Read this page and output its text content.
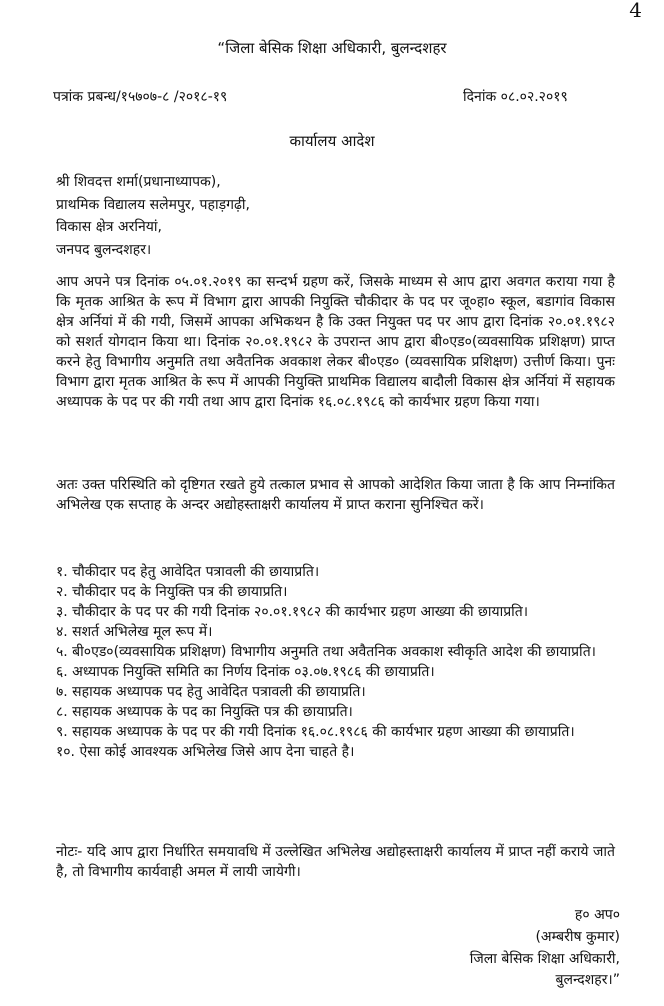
4
“जिला बेसिक शिक्षा अधिकारी, बुलन्दशहर
पत्रांक प्रबन्ध/१५७०७-८ /२०१८-१९	दिनांक ०८.०२.२०१९
कार्यालय आदेश
श्री शिवदत्त शर्मा(प्रधानाध्यापक),
प्राथमिक विद्यालय सलेमपुर, पहाड़गढ़ी,
विकास क्षेत्र अरनियां,
जनपद बुलन्दशहर।
आप अपने पत्र दिनांक ०५.०१.२०१९ का सन्दर्भ ग्रहण करें, जिसके माध्यम से आप द्वारा अवगत कराया गया है कि मृतक आश्रित के रूप में विभाग द्वारा आपकी नियुक्ति चौकीदार के पद पर जू०हा० स्कूल, बडागांव विकास क्षेत्र अर्नियां में की गयी, जिसमें आपका अभिकथन है कि उक्त नियुक्त पद पर आप द्वारा दिनांक २०.०१.१९८२ को सशर्त योगदान किया था। दिनांक २०.०१.१९८२ के उपरान्त आप द्वारा बी०एड०(व्यवसायिक प्रशिक्षण) प्राप्त करने हेतु विभागीय अनुमति तथा अवैतनिक अवकाश लेकर बी०एड० (व्यवसायिक प्रशिक्षण) उत्तीर्ण किया। पुनः विभाग द्वारा मृतक आश्रित के रूप में आपकी नियुक्ति प्राथमिक विद्यालय बादौली विकास क्षेत्र अर्नियां में सहायक अध्यापक के पद पर की गयी तथा आप द्वारा दिनांक १६.०८.१९८६ को कार्यभार ग्रहण किया गया।
अतः उक्त परिस्थिति को दृष्टिगत रखते हुये तत्काल प्रभाव से आपको आदेशित किया जाता है कि आप निम्नांकित अभिलेख एक सप्ताह के अन्दर अद्योहस्ताक्षरी कार्यालय में प्राप्त कराना सुनिश्चित करें।
१. चौकीदार पद हेतु आवेदित पत्रावली की छायाप्रति।
२. चौकीदार पद के नियुक्ति पत्र की छायाप्रति।
३. चौकीदार के पद पर की गयी दिनांक २०.०१.१९८२ की कार्यभार ग्रहण आख्या की छायाप्रति।
४. सशर्त अभिलेख मूल रूप में।
५. बी०एड०(व्यवसायिक प्रशिक्षण) विभागीय अनुमति तथा अवैतनिक अवकाश स्वीकृति आदेश की छायाप्रति।
६. अध्यापक नियुक्ति समिति का निर्णय दिनांक ०३.०७.१९८६ की छायाप्रति।
७. सहायक अध्यापक पद हेतु आवेदित पत्रावली की छायाप्रति।
८. सहायक अध्यापक के पद का नियुक्ति पत्र की छायाप्रति।
९. सहायक अध्यापक के पद पर की गयी दिनांक १६.०८.१९८६ की कार्यभार ग्रहण आख्या की छायाप्रति।
१०. ऐसा कोई आवश्यक अभिलेख जिसे आप देना चाहते है।
नोटः- यदि आप द्वारा निर्धारित समयावधि में उल्लेखित अभिलेख अद्योहस्ताक्षरी कार्यालय में प्राप्त नहीं कराये जाते है, तो विभागीय कार्यवाही अमल में लायी जायेगी।
ह० अप०
(अम्बरीष कुमार)
जिला बेसिक शिक्षा अधिकारी,
बुलन्दशहर।”
